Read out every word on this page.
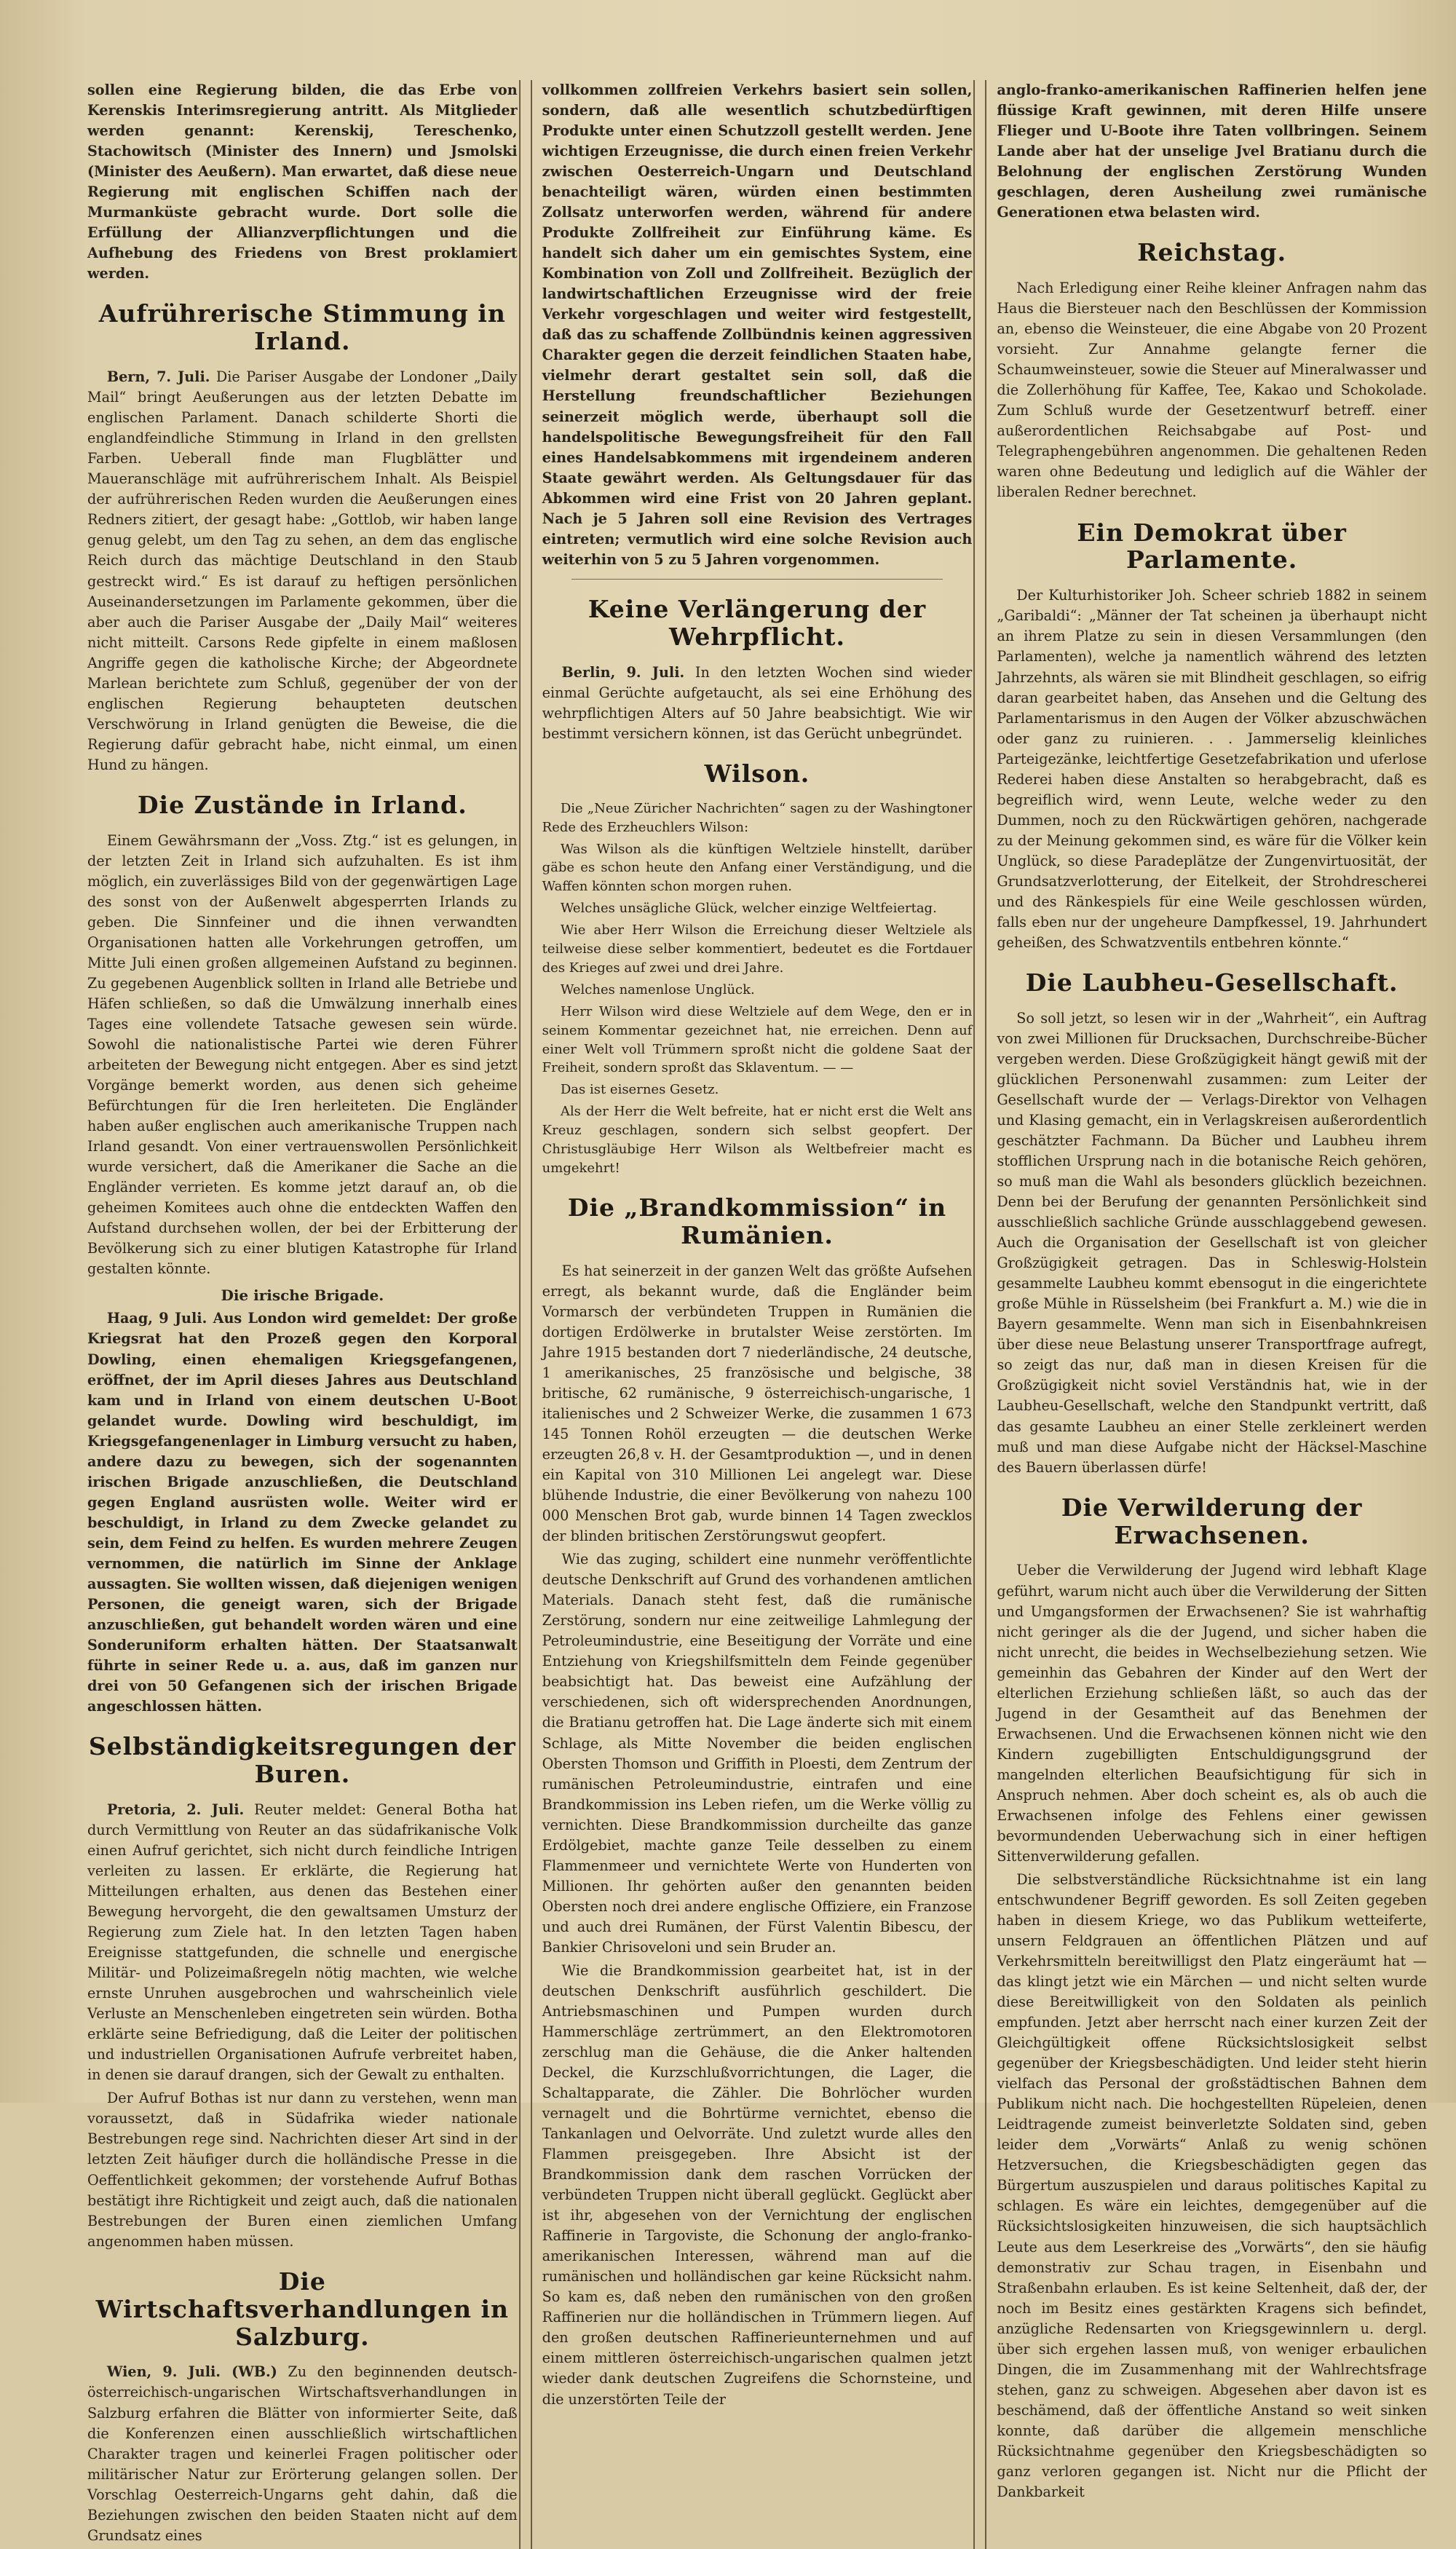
sollen eine Regierung bilden, die das Erbe von Kerenskis Interimsregierung antritt. Als Mitglieder werden genannt: Kerenskij, Tereschenko, Stachowitsch (Minister des Innern) und Jsmolski (Minister des Aeußern). Man erwartet, daß diese neue Regierung mit englischen Schiffen nach der Murmanküste gebracht wurde. Dort solle die Erfüllung der Allianzverpflichtungen und die Aufhebung des Friedens von Brest proklamiert werden.

Aufrührerische Stimmung in Irland.

Bern, 7. Juli. Die Pariser Ausgabe der Londoner „Daily Mail“ bringt Aeußerungen aus der letzten Debatte im englischen Parlament. Danach schilderte Shorti die englandfeindliche Stimmung in Irland in den grellsten Farben. Ueberall finde man Flugblätter und Maueranschläge mit aufrührerischem Inhalt. Als Beispiel der aufrührerischen Reden wurden die Aeußerungen eines Redners zitiert, der gesagt habe: „Gottlob, wir haben lange genug gelebt, um den Tag zu sehen, an dem das englische Reich durch das mächtige Deutschland in den Staub gestreckt wird.“ Es ist darauf zu heftigen persönlichen Auseinandersetzungen im Parlamente gekommen, über die aber auch die Pariser Ausgabe der „Daily Mail“ weiteres nicht mitteilt. Carsons Rede gipfelte in einem maßlosen Angriffe gegen die katholische Kirche; der Abgeordnete Marlean berichtete zum Schluß, gegenüber der von der englischen Regierung behaupteten deutschen Verschwörung in Irland genügten die Beweise, die die Regierung dafür gebracht habe, nicht einmal, um einen Hund zu hängen.

Die Zustände in Irland.

Einem Gewährsmann der „Voss. Ztg.“ ist es gelungen, in der letzten Zeit in Irland sich aufzuhalten. Es ist ihm möglich, ein zuverlässiges Bild von der gegenwärtigen Lage des sonst von der Außenwelt abgesperrten Irlands zu geben. Die Sinnfeiner und die ihnen verwandten Organisationen hatten alle Vorkehrungen getroffen, um Mitte Juli einen großen allgemeinen Aufstand zu beginnen. Zu gegebenen Augenblick sollten in Irland alle Betriebe und Häfen schließen, so daß die Umwälzung innerhalb eines Tages eine vollendete Tatsache gewesen sein würde. Sowohl die nationalistische Partei wie deren Führer arbeiteten der Bewegung nicht entgegen. Aber es sind jetzt Vorgänge bemerkt worden, aus denen sich geheime Befürchtungen für die Iren herleiteten. Die Engländer haben außer englischen auch amerikanische Truppen nach Irland gesandt. Von einer vertrauenswollen Persönlichkeit wurde versichert, daß die Amerikaner die Sache an die Engländer verrieten. Es komme jetzt darauf an, ob die geheimen Komitees auch ohne die entdeckten Waffen den Aufstand durchsehen wollen, der bei der Erbitterung der Bevölkerung sich zu einer blutigen Katastrophe für Irland gestalten könnte.

Die irische Brigade.

Haag, 9 Juli. Aus London wird gemeldet: Der große Kriegsrat hat den Prozeß gegen den Korporal Dowling, einen ehemaligen Kriegsgefangenen, eröffnet, der im April dieses Jahres aus Deutschland kam und in Irland von einem deutschen U-Boot gelandet wurde. Dowling wird beschuldigt, im Kriegsgefangenenlager in Limburg versucht zu haben, andere dazu zu bewegen, sich der sogenannten irischen Brigade anzuschließen, die Deutschland gegen England ausrüsten wolle. Weiter wird er beschuldigt, in Irland zu dem Zwecke gelandet zu sein, dem Feind zu helfen. Es wurden mehrere Zeugen vernommen, die natürlich im Sinne der Anklage aussagten. Sie wollten wissen, daß diejenigen wenigen Personen, die geneigt waren, sich der Brigade anzuschließen, gut behandelt worden wären und eine Sonderuniform erhalten hätten. Der Staatsanwalt führte in seiner Rede u. a. aus, daß im ganzen nur drei von 50 Gefangenen sich der irischen Brigade angeschlossen hätten.

Selbständigkeitsregungen der Buren.

Pretoria, 2. Juli. Reuter meldet: General Botha hat durch Vermittlung von Reuter an das südafrikanische Volk einen Aufruf gerichtet, sich nicht durch feindliche Intrigen verleiten zu lassen. Er erklärte, die Regierung hat Mitteilungen erhalten, aus denen das Bestehen einer Bewegung hervorgeht, die den gewaltsamen Umsturz der Regierung zum Ziele hat. In den letzten Tagen haben Ereignisse stattgefunden, die schnelle und energische Militär- und Polizeimaßregeln nötig machten, wie welche ernste Unruhen ausgebrochen und wahrscheinlich viele Verluste an Menschenleben eingetreten sein würden. Botha erklärte seine Befriedigung, daß die Leiter der politischen und industriellen Organisationen Aufrufe verbreitet haben, in denen sie darauf drangen, sich der Gewalt zu enthalten.

Der Aufruf Bothas ist nur dann zu verstehen, wenn man voraussetzt, daß in Südafrika wieder nationale Bestrebungen rege sind. Nachrichten dieser Art sind in der letzten Zeit häufiger durch die holländische Presse in die Oeffentlichkeit gekommen; der vorstehende Aufruf Bothas bestätigt ihre Richtigkeit und zeigt auch, daß die nationalen Bestrebungen der Buren einen ziemlichen Umfang angenommen haben müssen.

Die Wirtschaftsverhandlungen in Salzburg.

Wien, 9. Juli. (WB.) Zu den beginnenden deutsch-österreichisch-ungarischen Wirtschaftsverhandlungen in Salzburg erfahren die Blätter von informierter Seite, daß die Konferenzen einen ausschließlich wirtschaftlichen Charakter tragen und keinerlei Fragen politischer oder militärischer Natur zur Erörterung gelangen sollen. Der Vorschlag Oesterreich-Ungarns geht dahin, daß die Beziehungen zwischen den beiden Staaten nicht auf dem Grundsatz eines

vollkommen zollfreien Verkehrs basiert sein sollen, sondern, daß alle wesentlich schutzbedürftigen Produkte unter einen Schutzzoll gestellt werden. Jene wichtigen Erzeugnisse, die durch einen freien Verkehr zwischen Oesterreich-Ungarn und Deutschland benachteiligt wären, würden einen bestimmten Zollsatz unterworfen werden, während für andere Produkte Zollfreiheit zur Einführung käme. Es handelt sich daher um ein gemischtes System, eine Kombination von Zoll und Zollfreiheit. Bezüglich der landwirtschaftlichen Erzeugnisse wird der freie Verkehr vorgeschlagen und weiter wird festgestellt, daß das zu schaffende Zollbündnis keinen aggressiven Charakter gegen die derzeit feindlichen Staaten habe, vielmehr derart gestaltet sein soll, daß die Herstellung freundschaftlicher Beziehungen seinerzeit möglich werde, überhaupt soll die handelspolitische Bewegungsfreiheit für den Fall eines Handelsabkommens mit irgendeinem anderen Staate gewährt werden. Als Geltungsdauer für das Abkommen wird eine Frist von 20 Jahren geplant. Nach je 5 Jahren soll eine Revision des Vertrages eintreten; vermutlich wird eine solche Revision auch weiterhin von 5 zu 5 Jahren vorgenommen.

Keine Verlängerung der Wehrpflicht.

Berlin, 9. Juli. In den letzten Wochen sind wieder einmal Gerüchte aufgetaucht, als sei eine Erhöhung des wehrpflichtigen Alters auf 50 Jahre beabsichtigt. Wie wir bestimmt versichern können, ist das Gerücht unbegründet.

Wilson.

Die „Neue Züricher Nachrichten“ sagen zu der Washingtoner Rede des Erzheuchlers Wilson:

Was Wilson als die künftigen Weltziele hinstellt, darüber gäbe es schon heute den Anfang einer Verständigung, und die Waffen könnten schon morgen ruhen.

Welches unsägliche Glück, welcher einzige Weltfeiertag.

Wie aber Herr Wilson die Erreichung dieser Weltziele als teilweise diese selber kommentiert, bedeutet es die Fortdauer des Krieges auf zwei und drei Jahre.

Welches namenlose Unglück.

Herr Wilson wird diese Weltziele auf dem Wege, den er in seinem Kommentar gezeichnet hat, nie erreichen. Denn auf einer Welt voll Trümmern sproßt nicht die goldene Saat der Freiheit, sondern sproßt das Sklaventum. — —

Das ist eisernes Gesetz.

Als der Herr die Welt befreite, hat er nicht erst die Welt ans Kreuz geschlagen, sondern sich selbst geopfert. Der Christusgläubige Herr Wilson als Weltbefreier macht es umgekehrt!

Die „Brandkommission“ in Rumänien.

Es hat seinerzeit in der ganzen Welt das größte Aufsehen erregt, als bekannt wurde, daß die Engländer beim Vormarsch der verbündeten Truppen in Rumänien die dortigen Erdölwerke in brutalster Weise zerstörten. Im Jahre 1915 bestanden dort 7 niederländische, 24 deutsche, 1 amerikanisches, 25 französische und belgische, 38 britische, 62 rumänische, 9 österreichisch-ungarische, 1 italienisches und 2 Schweizer Werke, die zusammen 1 673 145 Tonnen Rohöl erzeugten — die deutschen Werke erzeugten 26,8 v. H. der Gesamtproduktion —, und in denen ein Kapital von 310 Millionen Lei angelegt war. Diese blühende Industrie, die einer Bevölkerung von nahezu 100 000 Menschen Brot gab, wurde binnen 14 Tagen zwecklos der blinden britischen Zerstörungswut geopfert.

Wie das zuging, schildert eine nunmehr veröffentlichte deutsche Denkschrift auf Grund des vorhandenen amtlichen Materials. Danach steht fest, daß die rumänische Zerstörung, sondern nur eine zeitweilige Lahmlegung der Petroleumindustrie, eine Beseitigung der Vorräte und eine Entziehung von Kriegshilfsmitteln dem Feinde gegenüber beabsichtigt hat. Das beweist eine Aufzählung der verschiedenen, sich oft widersprechenden Anordnungen, die Bratianu getroffen hat. Die Lage änderte sich mit einem Schlage, als Mitte November die beiden englischen Obersten Thomson und Griffith in Ploesti, dem Zentrum der rumänischen Petroleumindustrie, eintrafen und eine Brandkommission ins Leben riefen, um die Werke völlig zu vernichten. Diese Brandkommission durcheilte das ganze Erdölgebiet, machte ganze Teile desselben zu einem Flammenmeer und vernichtete Werte von Hunderten von Millionen. Ihr gehörten außer den genannten beiden Obersten noch drei andere englische Offiziere, ein Franzose und auch drei Rumänen, der Fürst Valentin Bibescu, der Bankier Chrisoveloni und sein Bruder an.

Wie die Brandkommission gearbeitet hat, ist in der deutschen Denkschrift ausführlich geschildert. Die Antriebsmaschinen und Pumpen wurden durch Hammerschläge zertrümmert, an den Elektromotoren zerschlug man die Gehäuse, die die Anker haltenden Deckel, die Kurzschlußvorrichtungen, die Lager, die Schaltapparate, die Zähler. Die Bohrlöcher wurden vernagelt und die Bohrtürme vernichtet, ebenso die Tankanlagen und Oelvorräte. Und zuletzt wurde alles den Flammen preisgegeben. Ihre Absicht ist der Brandkommission dank dem raschen Vorrücken der verbündeten Truppen nicht überall geglückt. Geglückt aber ist ihr, abgesehen von der Vernichtung der englischen Raffinerie in Targoviste, die Schonung der anglo-franko-amerikanischen Interessen, während man auf die rumänischen und holländischen gar keine Rücksicht nahm. So kam es, daß neben den rumänischen von den großen Raffinerien nur die holländischen in Trümmern liegen. Auf den großen deutschen Raffinerieunternehmen und auf einem mittleren österreichisch-ungarischen qualmen jetzt wieder dank deutschen Zugreifens die Schornsteine, und die unzerstörten Teile der

anglo-franko-amerikanischen Raffinerien helfen jene flüssige Kraft gewinnen, mit deren Hilfe unsere Flieger und U-Boote ihre Taten vollbringen. Seinem Lande aber hat der unselige Jvel Bratianu durch die Belohnung der englischen Zerstörung Wunden geschlagen, deren Ausheilung zwei rumänische Generationen etwa belasten wird.

Reichstag.

Nach Erledigung einer Reihe kleiner Anfragen nahm das Haus die Biersteuer nach den Beschlüssen der Kommission an, ebenso die Weinsteuer, die eine Abgabe von 20 Prozent vorsieht. Zur Annahme gelangte ferner die Schaumweinsteuer, sowie die Steuer auf Mineralwasser und die Zollerhöhung für Kaffee, Tee, Kakao und Schokolade. Zum Schluß wurde der Gesetzentwurf betreff. einer außerordentlichen Reichsabgabe auf Post- und Telegraphengebühren angenommen. Die gehaltenen Reden waren ohne Bedeutung und lediglich auf die Wähler der liberalen Redner berechnet.

Ein Demokrat über Parlamente.

Der Kulturhistoriker Joh. Scheer schrieb 1882 in seinem „Garibaldi“: „Männer der Tat scheinen ja überhaupt nicht an ihrem Platze zu sein in diesen Versammlungen (den Parlamenten), welche ja namentlich während des letzten Jahrzehnts, als wären sie mit Blindheit geschlagen, so eifrig daran gearbeitet haben, das Ansehen und die Geltung des Parlamentarismus in den Augen der Völker abzuschwächen oder ganz zu ruinieren. . . Jammerselig kleinliches Parteigezänke, leichtfertige Gesetzefabrikation und uferlose Rederei haben diese Anstalten so herabgebracht, daß es begreiflich wird, wenn Leute, welche weder zu den Dummen, noch zu den Rückwärtigen gehören, nachgerade zu der Meinung gekommen sind, es wäre für die Völker kein Unglück, so diese Paradeplätze der Zungenvirtuosität, der Grundsatzverlotterung, der Eitelkeit, der Strohdrescherei und des Ränkespiels für eine Weile geschlossen würden, falls eben nur der ungeheure Dampfkessel, 19. Jahrhundert geheißen, des Schwatzventils entbehren könnte.“

Die Laubheu-Gesellschaft.

So soll jetzt, so lesen wir in der „Wahrheit“, ein Auftrag von zwei Millionen für Drucksachen, Durchschreibe-Bücher vergeben werden. Diese Großzügigkeit hängt gewiß mit der glücklichen Personenwahl zusammen: zum Leiter der Gesellschaft wurde der — Verlags-Direktor von Velhagen und Klasing gemacht, ein in Verlagskreisen außerordentlich geschätzter Fachmann. Da Bücher und Laubheu ihrem stofflichen Ursprung nach in die botanische Reich gehören, so muß man die Wahl als besonders glücklich bezeichnen. Denn bei der Berufung der genannten Persönlichkeit sind ausschließlich sachliche Gründe ausschlaggebend gewesen. Auch die Organisation der Gesellschaft ist von gleicher Großzügigkeit getragen. Das in Schleswig-Holstein gesammelte Laubheu kommt ebensogut in die eingerichtete große Mühle in Rüsselsheim (bei Frankfurt a. M.) wie die in Bayern gesammelte. Wenn man sich in Eisenbahnkreisen über diese neue Belastung unserer Transportfrage aufregt, so zeigt das nur, daß man in diesen Kreisen für die Großzügigkeit nicht soviel Verständnis hat, wie in der Laubheu-Gesellschaft, welche den Standpunkt vertritt, daß das gesamte Laubheu an einer Stelle zerkleinert werden muß und man diese Aufgabe nicht der Häcksel-Maschine des Bauern überlassen dürfe!

Die Verwilderung der Erwachsenen.

Ueber die Verwilderung der Jugend wird lebhaft Klage geführt, warum nicht auch über die Verwilderung der Sitten und Umgangsformen der Erwachsenen? Sie ist wahrhaftig nicht geringer als die der Jugend, und sicher haben die nicht unrecht, die beides in Wechselbeziehung setzen. Wie gemeinhin das Gebahren der Kinder auf den Wert der elterlichen Erziehung schließen läßt, so auch das der Jugend in der Gesamtheit auf das Benehmen der Erwachsenen. Und die Erwachsenen können nicht wie den Kindern zugebilligten Entschuldigungsgrund der mangelnden elterlichen Beaufsichtigung für sich in Anspruch nehmen. Aber doch scheint es, als ob auch die Erwachsenen infolge des Fehlens einer gewissen bevormundenden Ueberwachung sich in einer heftigen Sittenverwilderung gefallen.

Die selbstverständliche Rücksichtnahme ist ein lang entschwundener Begriff geworden. Es soll Zeiten gegeben haben in diesem Kriege, wo das Publikum wetteiferte, unsern Feldgrauen an öffentlichen Plätzen und auf Verkehrsmitteln bereitwilligst den Platz eingeräumt hat — das klingt jetzt wie ein Märchen — und nicht selten wurde diese Bereitwilligkeit von den Soldaten als peinlich empfunden. Jetzt aber herrscht nach einer kurzen Zeit der Gleichgültigkeit offene Rücksichtslosigkeit selbst gegenüber der Kriegsbeschädigten. Und leider steht hierin vielfach das Personal der großstädtischen Bahnen dem Publikum nicht nach. Die hochgestellten Rüpeleien, denen Leidtragende zumeist beinverletzte Soldaten sind, geben leider dem „Vorwärts“ Anlaß zu wenig schönen Hetzversuchen, die Kriegsbeschädigten gegen das Bürgertum auszuspielen und daraus politisches Kapital zu schlagen. Es wäre ein leichtes, demgegenüber auf die Rücksichtslosigkeiten hinzuweisen, die sich hauptsächlich Leute aus dem Leserkreise des „Vorwärts“, den sie häufig demonstrativ zur Schau tragen, in Eisenbahn und Straßenbahn erlauben. Es ist keine Seltenheit, daß der, der noch im Besitz eines gestärkten Kragens sich befindet, anzügliche Redensarten von Kriegsgewinnlern u. dergl. über sich ergehen lassen muß, von weniger erbaulichen Dingen, die im Zusammenhang mit der Wahlrechtsfrage stehen, ganz zu schweigen. Abgesehen aber davon ist es beschämend, daß der öffentliche Anstand so weit sinken konnte, daß darüber die allgemein menschliche Rücksichtnahme gegenüber den Kriegsbeschädigten so ganz verloren gegangen ist. Nicht nur die Pflicht der Dankbarkeit
